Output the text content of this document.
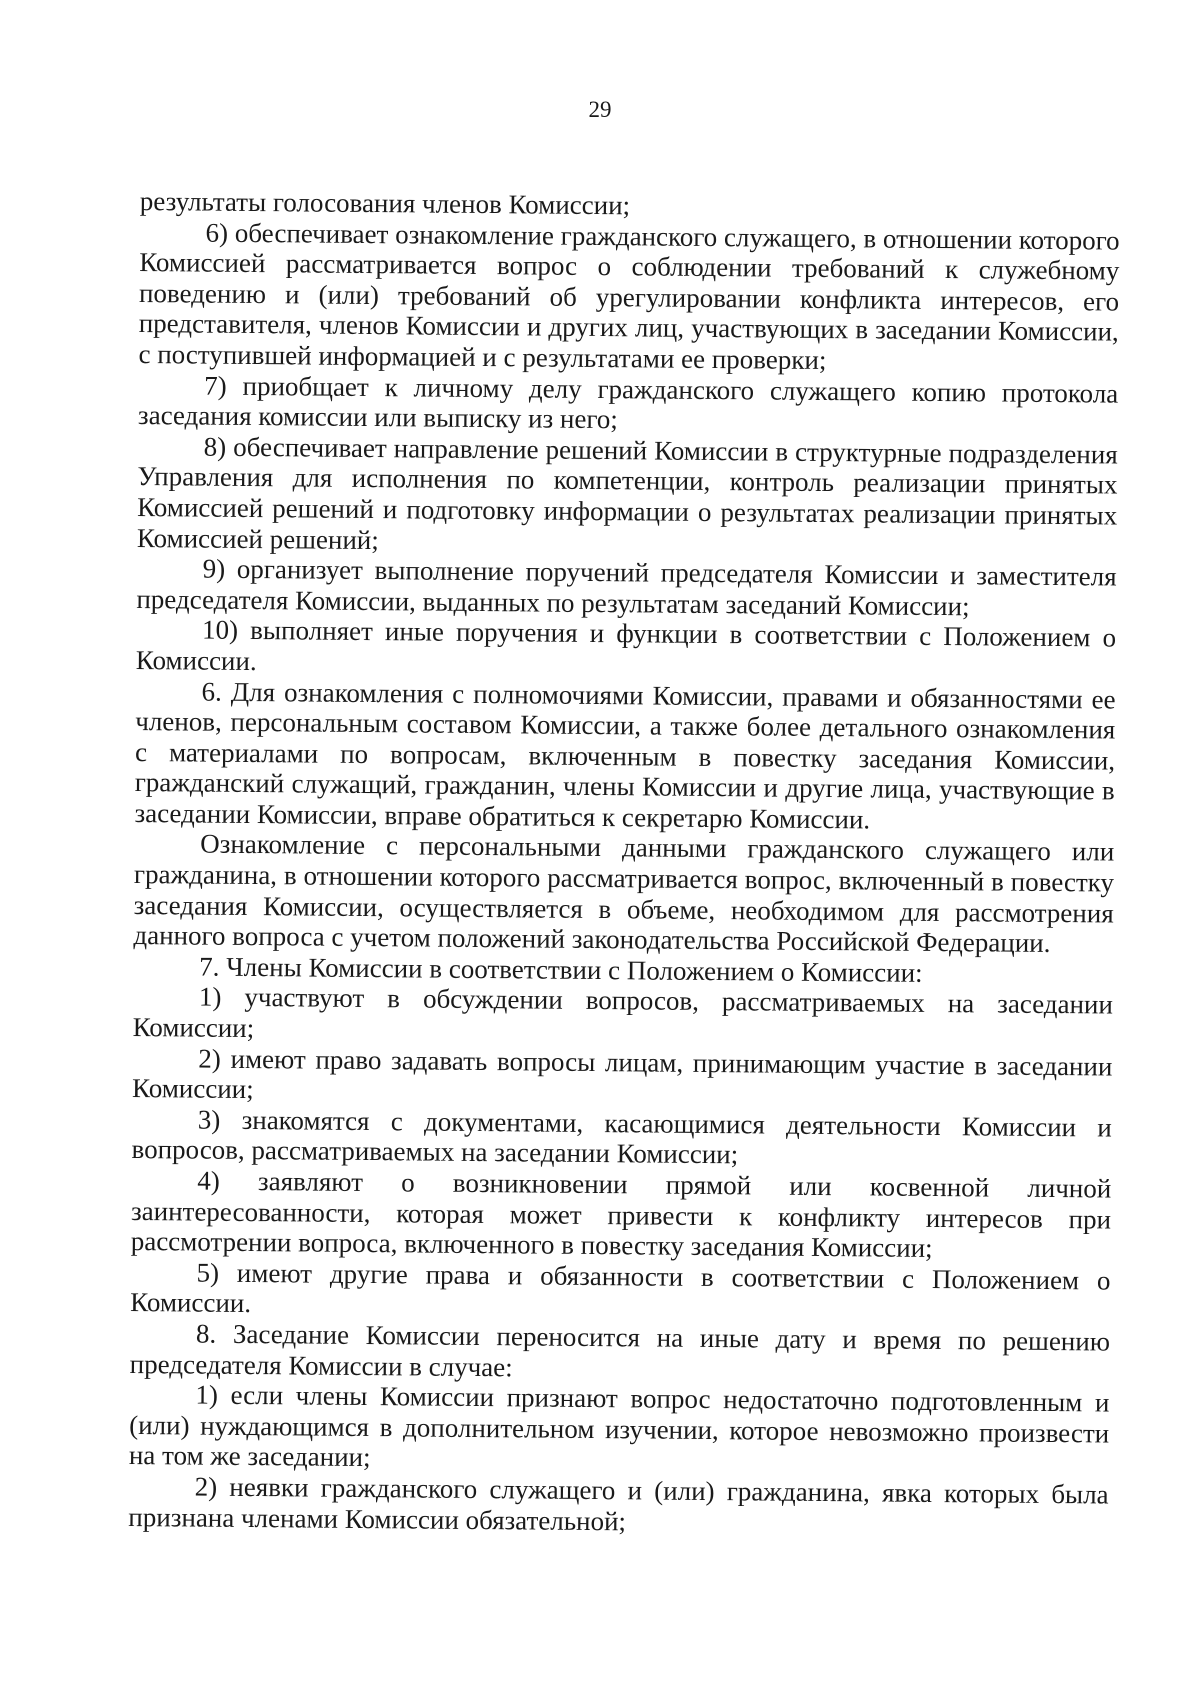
29

результаты голосования членов Комиссии;

6) обеспечивает ознакомление гражданского служащего, в отношении которого Комиссией рассматривается вопрос о соблюдении требований к служебному поведению и (или) требований об урегулировании конфликта интересов, его представителя, членов Комиссии и других лиц, участвующих в заседании Комиссии, с поступившей информацией и с результатами ее проверки;

7) приобщает к личному делу гражданского служащего копию протокола заседания комиссии или выписку из него;

8) обеспечивает направление решений Комиссии в структурные подразделения Управления для исполнения по компетенции, контроль реализации принятых Комиссией решений и подготовку информации о результатах реализации принятых Комиссией решений;

9) организует выполнение поручений председателя Комиссии и заместителя председателя Комиссии, выданных по результатам заседаний Комиссии;

10) выполняет иные поручения и функции в соответствии с Положением о Комиссии.

6. Для ознакомления с полномочиями Комиссии, правами и обязанностями ее членов, персональным составом Комиссии, а также более детального ознакомления с материалами по вопросам, включенным в повестку заседания Комиссии, гражданский служащий, гражданин, члены Комиссии и другие лица, участвующие в заседании Комиссии, вправе обратиться к секретарю Комиссии.

Ознакомление с персональными данными гражданского служащего или гражданина, в отношении которого рассматривается вопрос, включенный в повестку заседания Комиссии, осуществляется в объеме, необходимом для рассмотрения данного вопроса с учетом положений законодательства Российской Федерации.

7. Члены Комиссии в соответствии с Положением о Комиссии:

1) участвуют в обсуждении вопросов, рассматриваемых на заседании Комиссии;

2) имеют право задавать вопросы лицам, принимающим участие в заседании Комиссии;

3) знакомятся с документами, касающимися деятельности Комиссии и вопросов, рассматриваемых на заседании Комиссии;

4) заявляют о возникновении прямой или косвенной личной заинтересованности, которая может привести к конфликту интересов при рассмотрении вопроса, включенного в повестку заседания Комиссии;

5) имеют другие права и обязанности в соответствии с Положением о Комиссии.

8. Заседание Комиссии переносится на иные дату и время по решению председателя Комиссии в случае:

1) если члены Комиссии признают вопрос недостаточно подготовленным и (или) нуждающимся в дополнительном изучении, которое невозможно произвести на том же заседании;

2) неявки гражданского служащего и (или) гражданина, явка которых была признана членами Комиссии обязательной;
